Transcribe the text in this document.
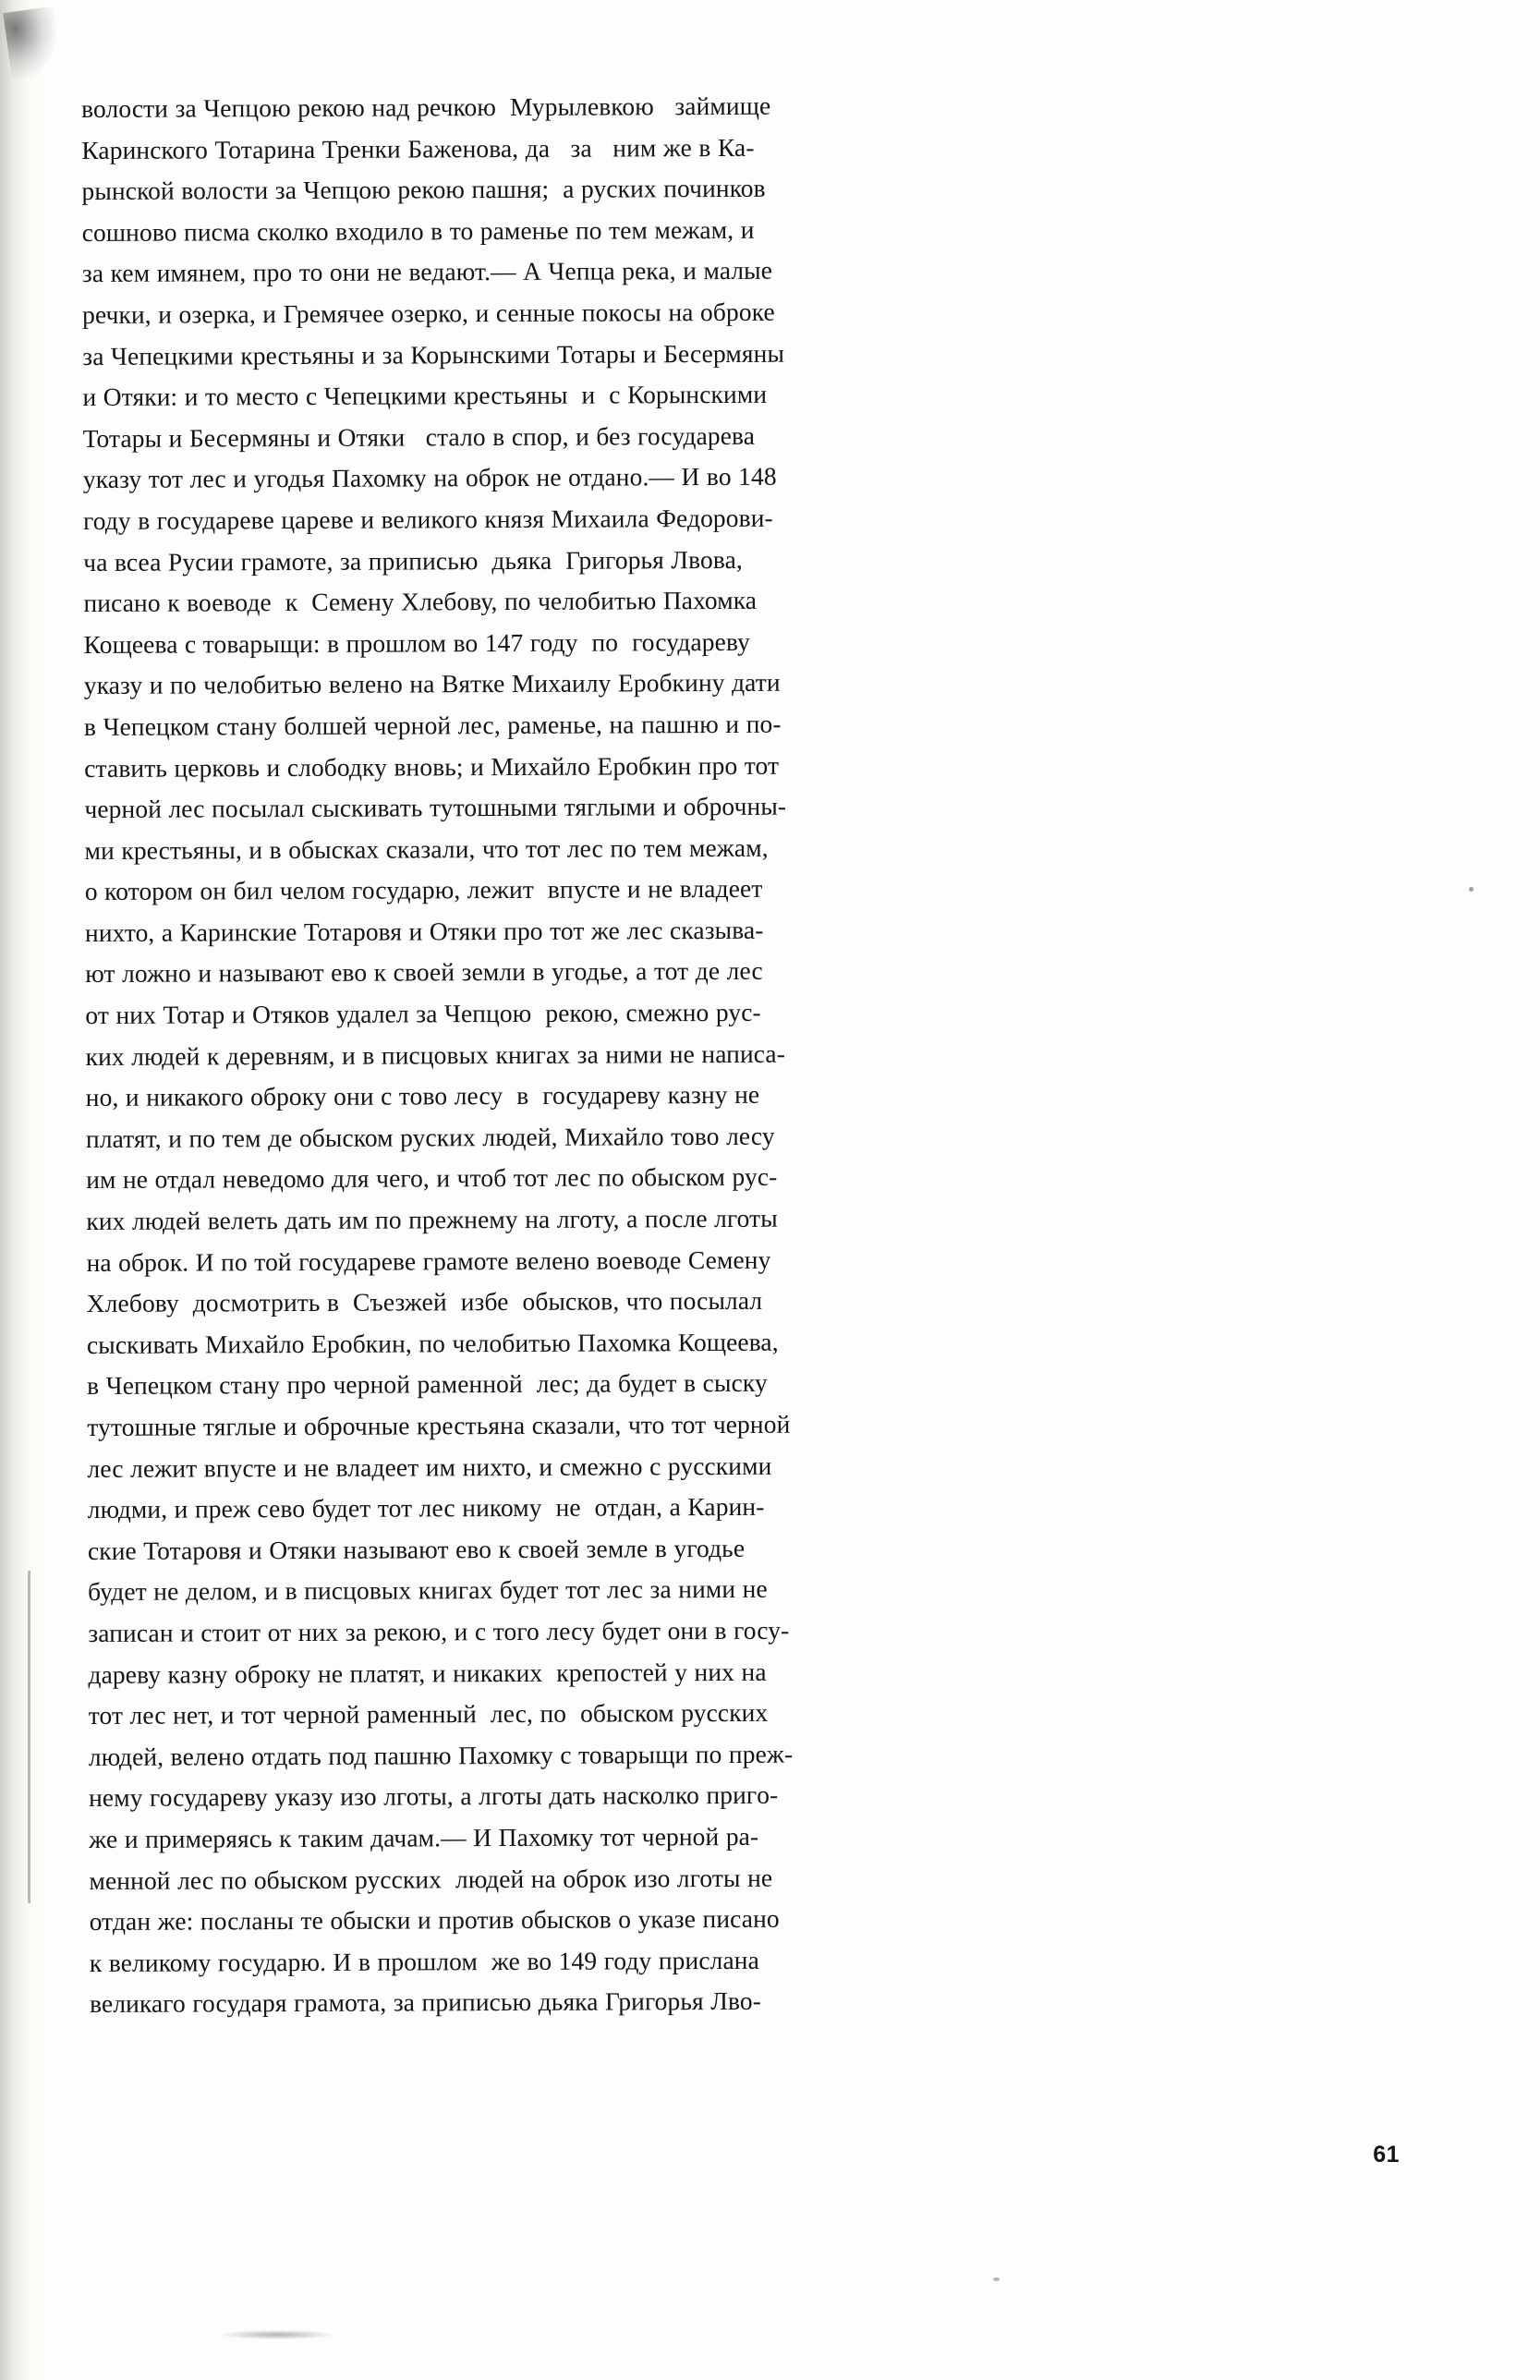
волости за Чепцою рекою над речкою  Мурылевкою   займище
Каринского Тотарина Тренки Баженова, да   за   ним же в Ка-
рынской волости за Чепцою рекою пашня;  а руских починков
сошново писма сколко входило в то раменье по тем межам, и
за кем имянем, про то они не ведают.— А Чепца река, и малые
речки, и озерка, и Гремячее озерко, и сенные покосы на оброке
за Чепецкими крестьяны и за Корынскими Тотары и Бесермяны
и Отяки: и то место с Чепецкими крестьяны  и  с Корынскими
Тотары и Бесермяны и Отяки   стало в спор, и без государева
указу тот лес и угодья Пахомку на оброк не отдано.— И во 148
году в государеве цареве и великого князя Михаила Федорови-
ча всеа Русии грамоте, за приписью  дьяка  Григорья Лвова,
писано к воеводе  к  Семену Хлебову, по челобитью Пахомка
Кощеева с товарыщи: в прошлом во 147 году  по  государеву
указу и по челобитью велено на Вятке Михаилу Еробкину дати
в Чепецком стану болшей черной лес, раменье, на пашню и по-
ставить церковь и слободку вновь; и Михайло Еробкин про тот
черной лес посылал сыскивать тутошными тяглыми и оброчны-
ми крестьяны, и в обысках сказали, что тот лес по тем межам,
о котором он бил челом государю, лежит  впусте и не владеет
нихто, а Каринские Тотаровя и Отяки про тот же лес сказыва-
ют ложно и называют ево к своей земли в угодье, а тот де лес
от них Тотар и Отяков удалел за Чепцою  рекою, смежно рус-
ких людей к деревням, и в писцовых книгах за ними не написа-
но, и никакого оброку они с тово лесу  в  государеву казну не
платят, и по тем де обыском руских людей, Михайло тово лесу
им не отдал неведомо для чего, и чтоб тот лес по обыском рус-
ких людей велеть дать им по прежнему на лготу, а после лготы
на оброк. И по той государеве грамоте велено воеводе Семену
Хлебову  досмотрить в  Съезжей  избе  обысков, что посылал
сыскивать Михайло Еробкин, по челобитью Пахомка Кощеева,
в Чепецком стану про черной раменной  лес; да будет в сыску
тутошные тяглые и оброчные крестьяна сказали, что тот черной
лес лежит впусте и не владеет им нихто, и смежно с русскими
людми, и преж сево будет тот лес никому  не  отдан, а Карин-
ские Тотаровя и Отяки называют ево к своей земле в угодье
будет не делом, и в писцовых книгах будет тот лес за ними не
записан и стоит от них за рекою, и с того лесу будет они в госу-
дареву казну оброку не платят, и никаких  крепостей у них на
тот лес нет, и тот черной раменный  лес, по  обыском русских
людей, велено отдать под пашню Пахомку с товарыщи по преж-
нему государеву указу изо лготы, а лготы дать насколко пригo-
же и примеряясь к таким дачам.— И Пахомку тот черной ра-
менной лес по обыском русских  людей на оброк изо лготы не
отдан же: посланы те обыски и против обысков о указе писано
к великому государю. И в прошлом  же во 149 году прислана
великаго государя грамота, за приписью дьяка Григорья Лво-

61
